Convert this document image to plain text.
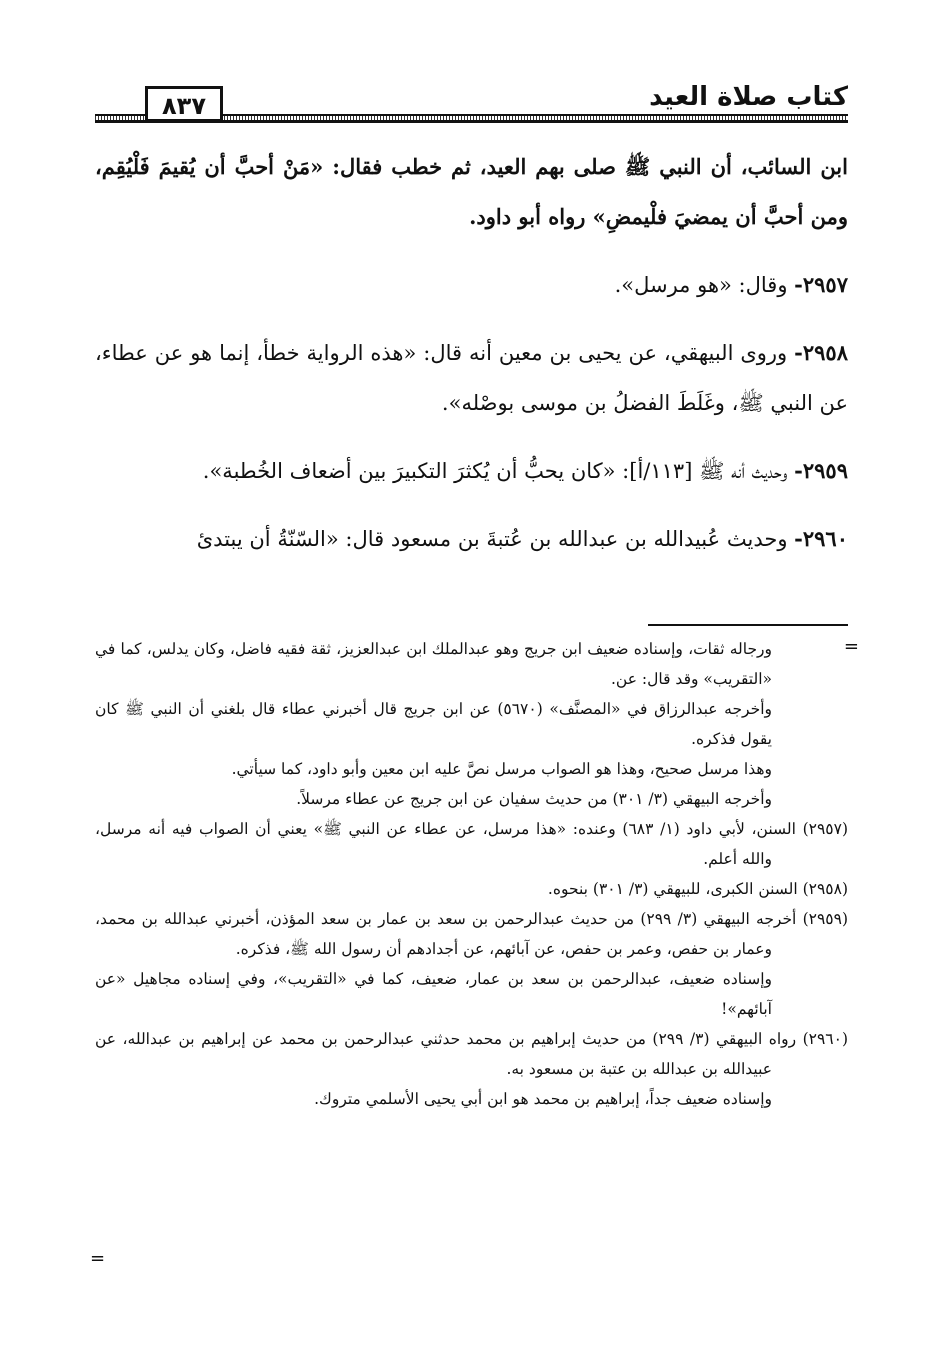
كتاب صلاة العيد
٨٣٧

ابن السائب، أن النبي ﷺ صلى بهم العيد، ثم خطب فقال: «مَنْ أحبَّ أن يُقيمَ فَلْيُقِم، ومن أحبَّ أن يمضيَ فلْيمضِ» رواه أبو داود.

٢٩٥٧- وقال: «هو مرسل».

٢٩٥٨- وروى البيهقي، عن يحيى بن معين أنه قال: «هذه الرواية خطأ، إنما هو عن عطاء، عن النبي ﷺ، وغَلَطَ الفضلُ بن موسى بوصْله».

٢٩٥٩- وحديث أنه ﷺ [١١٣/أ]: «كان يحبُّ أن يُكثرَ التكبيرَ بين أضعاف الخُطبة».

٢٩٦٠- وحديث عُبيدالله بن عبدالله بن عُتبةَ بن مسعود قال: «السّنّةُ أن يبتدئ

=

ورجاله ثقات، وإسناده ضعيف ابن جريج وهو عبدالملك ابن عبدالعزيز، ثقة فقيه فاضل، وكان يدلس، كما في «التقريب» وقد قال: عن.

وأخرجه عبدالرزاق في «المصنَّف» (٥٦٧٠) عن ابن جريج قال أخبرني عطاء قال بلغني أن النبي ﷺ كان يقول فذكره.

وهذا مرسل صحيح، وهذا هو الصواب مرسل نصَّ عليه ابن معين وأبو داود، كما سيأتي.

وأخرجه البيهقي (٣/ ٣٠١) من حديث سفيان عن ابن جريج عن عطاء مرسلاً.

(٢٩٥٧) السنن، لأبي داود (١/ ٦٨٣) وعنده: «هذا مرسل، عن عطاء عن النبي ﷺ» يعني أن الصواب فيه أنه مرسل، والله أعلم.

(٢٩٥٨) السنن الكبرى، للبيهقي (٣/ ٣٠١) بنحوه.

(٢٩٥٩) أخرجه البيهقي (٣/ ٢٩٩) من حديث عبدالرحمن بن سعد بن عمار بن سعد المؤذن، أخبرني عبدالله بن محمد، وعمار بن حفص، وعمر بن حفص، عن آبائهم، عن أجدادهم أن رسول الله ﷺ، فذكره.

وإسناده ضعيف، عبدالرحمن بن سعد بن عمار، ضعيف، كما في «التقريب»، وفي إسناده مجاهيل «عن آبائهم»!

(٢٩٦٠) رواه البيهقي (٣/ ٢٩٩) من حديث إبراهيم بن محمد حدثني عبدالرحمن بن محمد عن إبراهيم بن عبدالله، عن عبيدالله بن عبدالله بن عتبة بن مسعود به.

وإسناده ضعيف جداً، إبراهيم بن محمد هو ابن أبي يحيى الأسلمي متروك.

=
